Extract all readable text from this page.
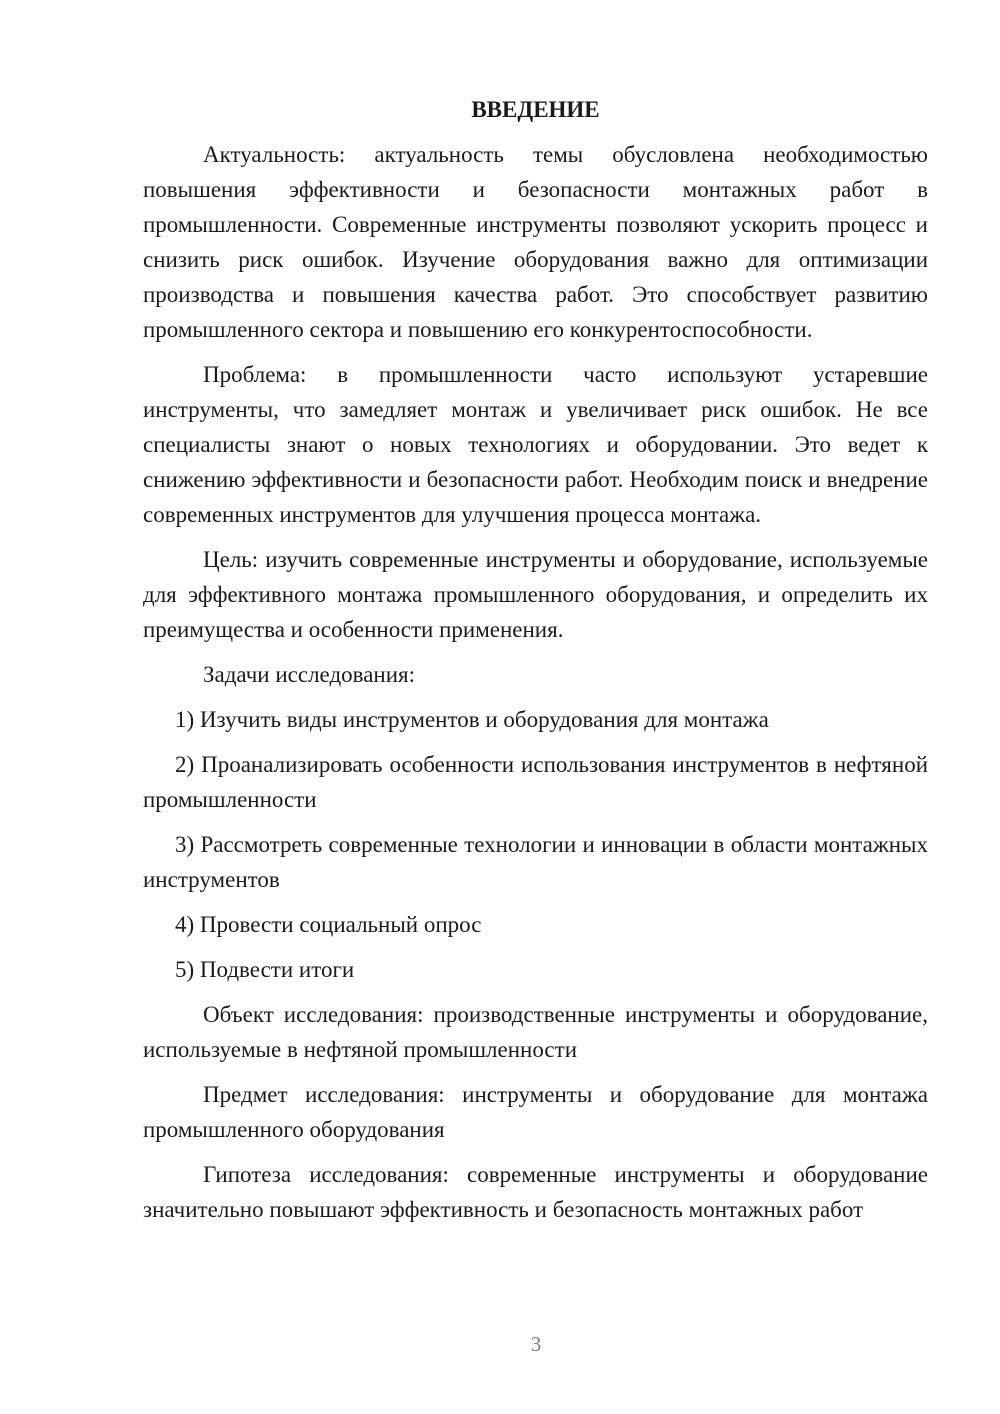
ВВЕДЕНИЕ

Актуальность: актуальность темы обусловлена необходимостью повышения эффективности и безопасности монтажных работ в промышленности. Современные инструменты позволяют ускорить процесс и снизить риск ошибок. Изучение оборудования важно для оптимизации производства и повышения качества работ. Это способствует развитию промышленного сектора и повышению его конкурентоспособности.

Проблема: в промышленности часто используют устаревшие инструменты, что замедляет монтаж и увеличивает риск ошибок. Не все специалисты знают о новых технологиях и оборудовании. Это ведет к снижению эффективности и безопасности работ. Необходим поиск и внедрение современных инструментов для улучшения процесса монтажа.

Цель: изучить современные инструменты и оборудование, используемые для эффективного монтажа промышленного оборудования, и определить их преимущества и особенности применения.

Задачи исследования:

1) Изучить виды инструментов и оборудования для монтажа

2) Проанализировать особенности использования инструментов в нефтяной промышленности

3) Рассмотреть современные технологии и инновации в области монтажных инструментов

4) Провести социальный опрос

5) Подвести итоги

Объект исследования: производственные инструменты и оборудование, используемые в нефтяной промышленности

Предмет исследования: инструменты и оборудование для монтажа промышленного оборудования

Гипотеза исследования: современные инструменты и оборудование значительно повышают эффективность и безопасность монтажных работ

3
